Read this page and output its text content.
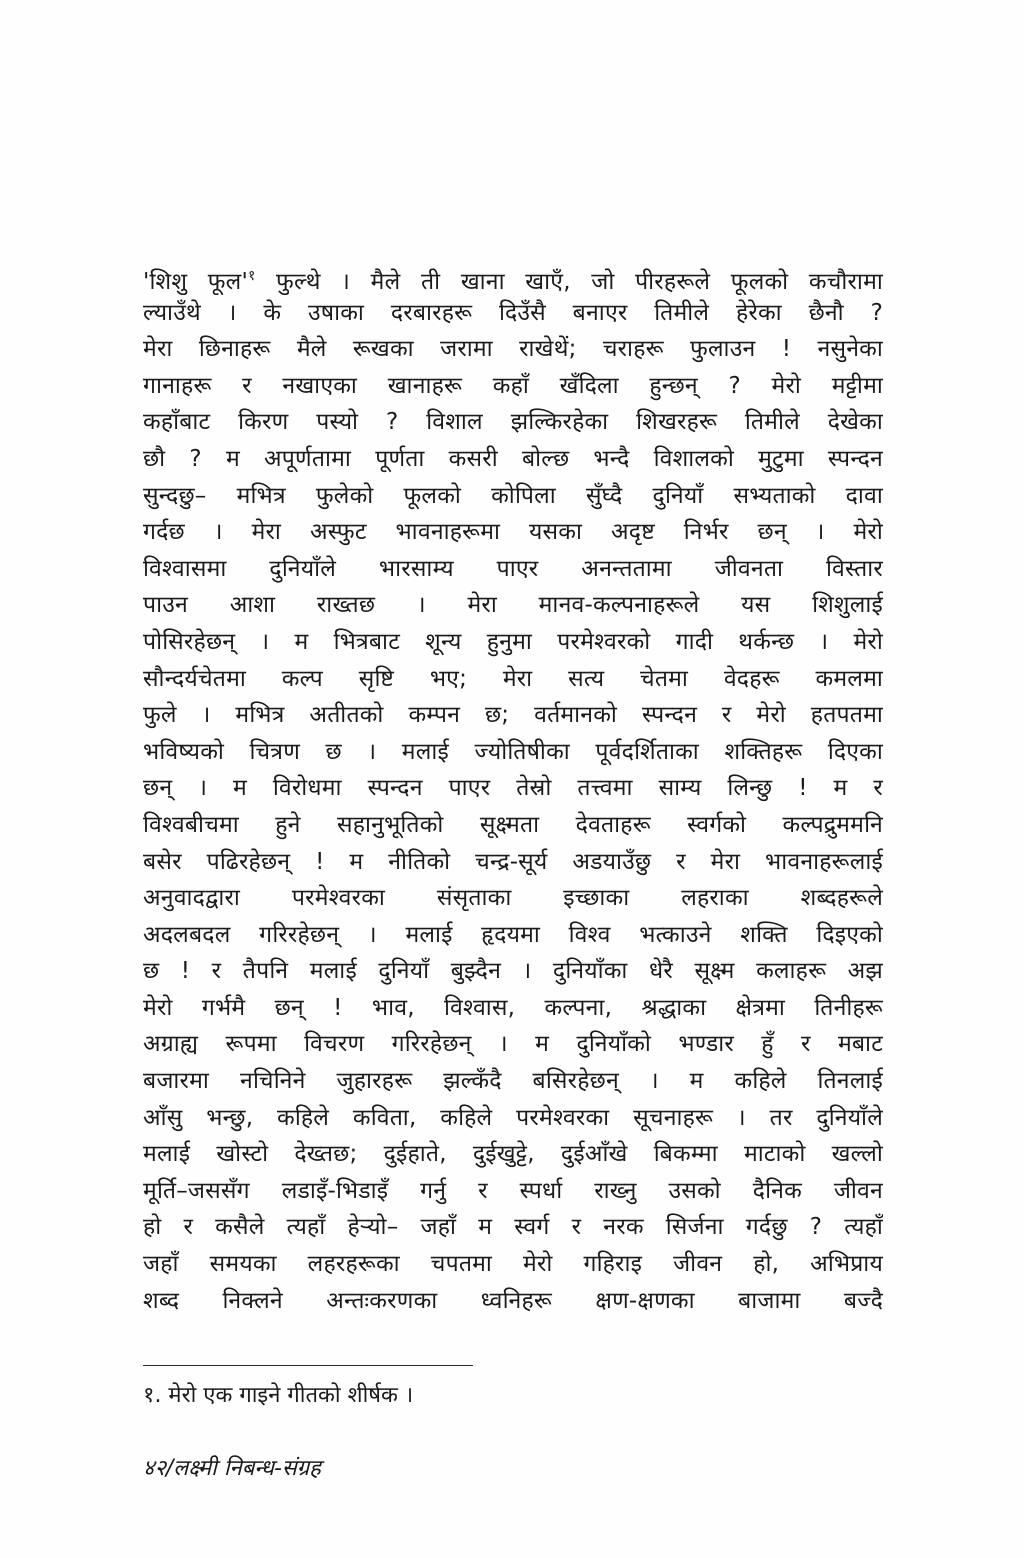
'शिशु $फूल'^१$ फुल्थे । मैले ती खाना खाएँ, जो पीरहरूले फूलको कचौरामा
ल्याउँथे । के उषाका दरबारहरू दिउँसै बनाएर तिमीले हेरेका छैनौ ?
मेरा छिनाहरू मैले रूखका जरामा राखेथें; चराहरू फुलाउन ! नसुनेका
गानाहरू र नखाएका खानाहरू कहाँ खँदिला हुन्छन् ? मेरो मट्टीमा
कहाँबाट किरण पस्यो ? विशाल झल्किरहेका शिखरहरू तिमीले देखेका
छौ ? म अपूर्णतामा पूर्णता कसरी बोल्छ भन्दै विशालको मुटुमा स्पन्दन
सुन्दछु– मभित्र फुलेको फूलको कोपिला सुँघ्दै दुनियाँ सभ्यताको दावा
गर्दछ । मेरा अस्फुट भावनाहरूमा यसका अदृष्ट निर्भर छन् । मेरो
विश्वासमा दुनियाँले भारसाम्य पाएर अनन्ततामा जीवनता विस्तार
पाउन आशा राख्तछ । मेरा मानव-कल्पनाहरूले यस शिशुलाई
पोसिरहेछन् । म भित्रबाट शून्य हुनुमा परमेश्वरको गादी थर्कन्छ । मेरो
सौन्दर्यचेतमा कल्प सृष्टि भए; मेरा सत्य चेतमा वेदहरू कमलमा
फुले । मभित्र अतीतको कम्पन छ; वर्तमानको स्पन्दन र मेरो हतपतमा
भविष्यको चित्रण छ । मलाई ज्योतिषीका पूर्वदर्शिताका शक्तिहरू दिएका
छन् । म विरोधमा स्पन्दन पाएर तेस्रो तत्त्वमा साम्य लिन्छु ! म र
विश्वबीचमा हुने सहानुभूतिको सूक्ष्मता देवताहरू स्वर्गको कल्पद्रुममनि
बसेर पढिरहेछन् ! म नीतिको चन्द्र-सूर्य अडयाउँछु र मेरा भावनाहरूलाई
अनुवादद्वारा परमेश्वरका संसृताका इच्छाका लहराका शब्दहरूले
अदलबदल गरिरहेछन् । मलाई हृदयमा विश्व भत्काउने शक्ति दिइएको
छ ! र तैपनि मलाई दुनियाँ बुझ्दैन । दुनियाँका धेरै सूक्ष्म कलाहरू अझ
मेरो गर्भमै छन् ! भाव, विश्वास, कल्पना, श्रद्धाका क्षेत्रमा तिनीहरू
अग्राह्य रूपमा विचरण गरिरहेछन् । म दुनियाँको भण्डार हुँ र मबाट
बजारमा नचिनिने जुहारहरू झल्कँदै बसिरहेछन् । म कहिले तिनलाई
आँसु भन्छु, कहिले कविता, कहिले परमेश्वरका सूचनाहरू । तर दुनियाँले
मलाई खोस्टो देख्तछ; दुईहाते, दुईखुट्टे, दुईआँखे बिकम्मा माटाको खल्लो
मूर्ति–जससँग लडाइँ-भिडाइँ गर्नु र स्पर्धा राख्नु उसको दैनिक जीवन
हो र कसैले त्यहाँ हेर्‍यो– जहाँ म स्वर्ग र नरक सिर्जना गर्दछु ? त्यहाँ
जहाँ समयका लहरहरूका चपतमा मेरो गहिराइ जीवन हो, अभिप्राय
शब्द निक्लने अन्तःकरणका ध्वनिहरू क्षण-क्षणका बाजामा बज्दै
१. मेरो एक गाइने गीतको शीर्षक ।
४२/लक्ष्मी निबन्ध-संग्रह
